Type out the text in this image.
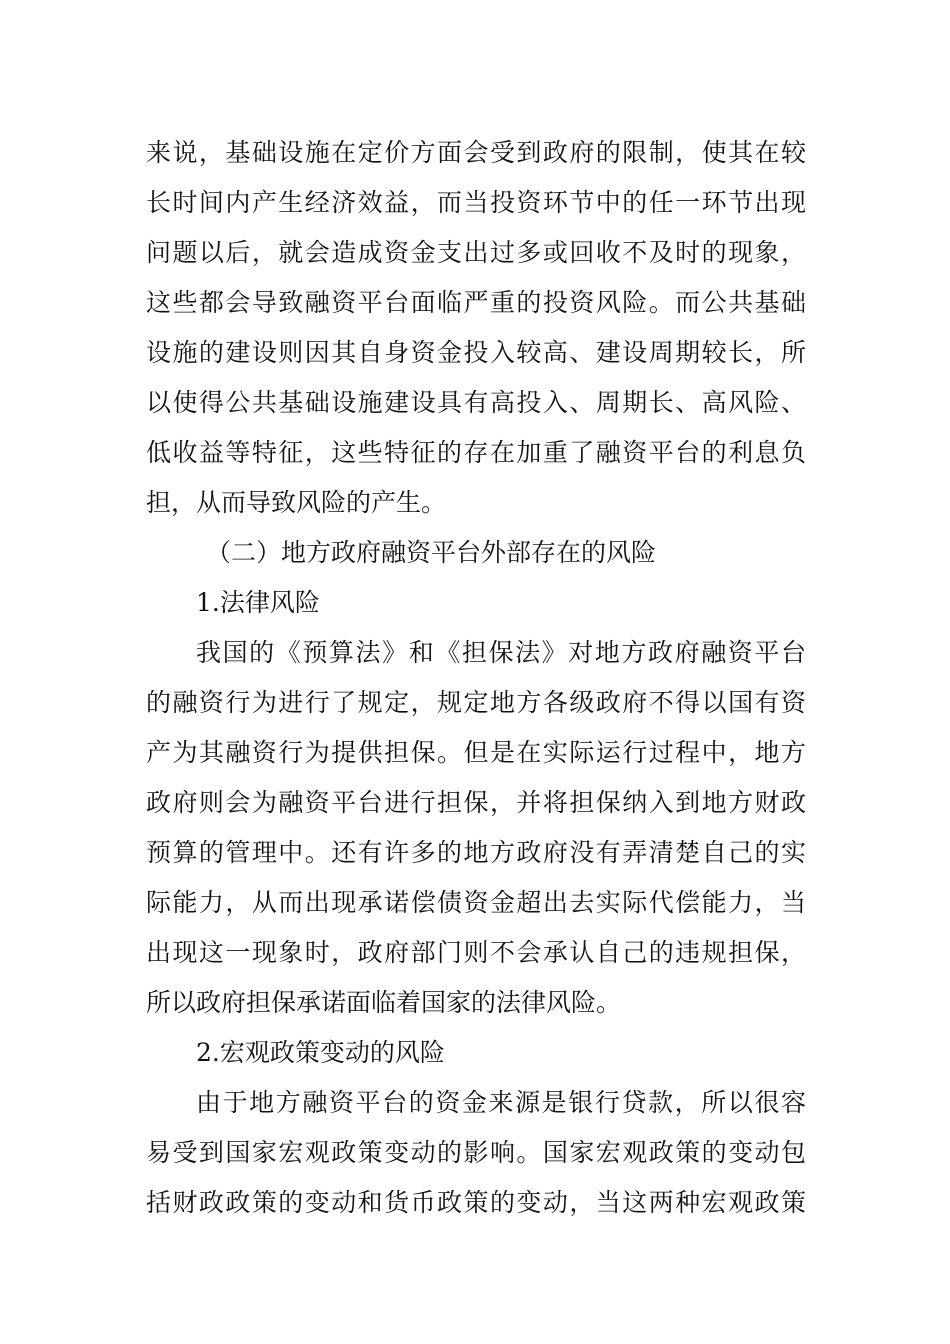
来说，基础设施在定价方面会受到政府的限制，使其在较
长时间内产生经济效益，而当投资环节中的任一环节出现
问题以后，就会造成资金支出过多或回收不及时的现象，
这些都会导致融资平台面临严重的投资风险。而公共基础
设施的建设则因其自身资金投入较高、建设周期较长，所
以使得公共基础设施建设具有高投入、周期长、高风险、
低收益等特征，这些特征的存在加重了融资平台的利息负
担，从而导致风险的产生。
（二）地方政府融资平台外部存在的风险
1.法律风险
我国的《预算法》和《担保法》对地方政府融资平台
的融资行为进行了规定，规定地方各级政府不得以国有资
产为其融资行为提供担保。但是在实际运行过程中，地方
政府则会为融资平台进行担保，并将担保纳入到地方财政
预算的管理中。还有许多的地方政府没有弄清楚自己的实
际能力，从而出现承诺偿债资金超出去实际代偿能力，当
出现这一现象时，政府部门则不会承认自己的违规担保，
所以政府担保承诺面临着国家的法律风险。
2.宏观政策变动的风险
由于地方融资平台的资金来源是银行贷款，所以很容
易受到国家宏观政策变动的影响。国家宏观政策的变动包
括财政政策的变动和货币政策的变动，当这两种宏观政策
